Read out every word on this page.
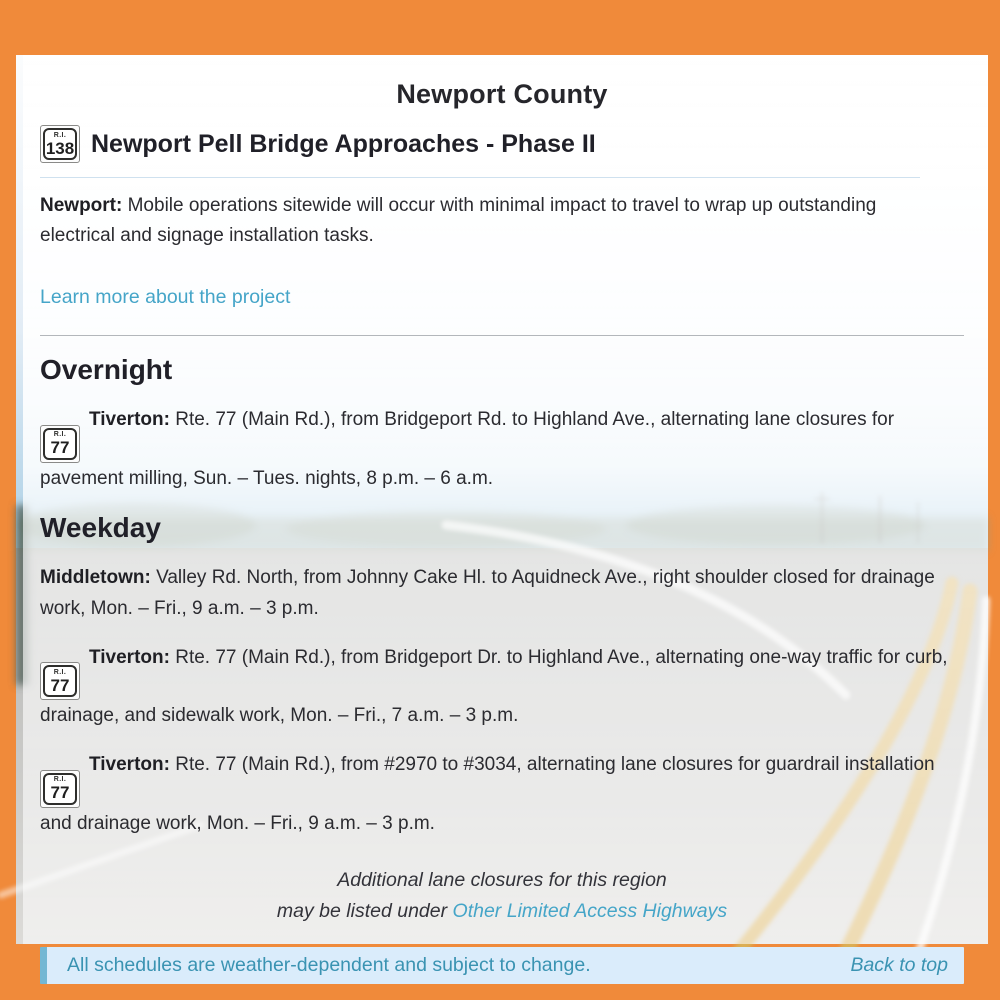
Newport County
R.I.
138 Newport Pell Bridge Approaches - Phase II

Newport: Mobile operations sitewide will occur with minimal impact to travel to wrap up outstanding electrical and signage installation tasks.

Learn more about the project
Overnight

R.I.
77
Tiverton: Rte. 77 (Main Rd.), from Bridgeport Rd. to Highland Ave., alternating lane closures for pavement milling, Sun. – Tues. nights, 8 p.m. – 6 a.m.

Weekday

Middletown: Valley Rd. North, from Johnny Cake Hl. to Aquidneck Ave., right shoulder closed for drainage work, Mon. – Fri., 9 a.m. – 3 p.m.

R.I.
77
Tiverton: Rte. 77 (Main Rd.), from Bridgeport Dr. to Highland Ave., alternating one-way traffic for curb, drainage, and sidewalk work, Mon. – Fri., 7 a.m. – 3 p.m.

R.I.
77
Tiverton: Rte. 77 (Main Rd.), from #2970 to #3034, alternating lane closures for guardrail installation and drainage work, Mon. – Fri., 9 a.m. – 3 p.m.

Additional lane closures for this region
may be listed under Other Limited Access Highways
All schedules are weather-dependent and subject to change.	Back to top
